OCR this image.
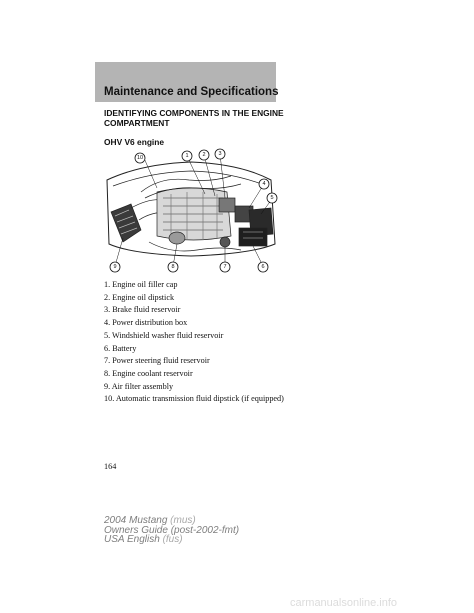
Maintenance and Specifications
IDENTIFYING COMPONENTS IN THE ENGINE
COMPARTMENT
OHV V6 engine
10	1	2 3
4
5
9	8	7	6
1. Engine oil filler cap
2. Engine oil dipstick
3. Brake fluid reservoir
4. Power distribution box
5. Windshield washer fluid reservoir
6. Battery
7. Power steering fluid reservoir
8. Engine coolant reservoir
9. Air filter assembly
10. Automatic transmission fluid dipstick (if equipped)
164
2004 Mustang (mus)
Owners Guide (post-2002-fmt)
USA English (fus)
carmanualsonline.info
